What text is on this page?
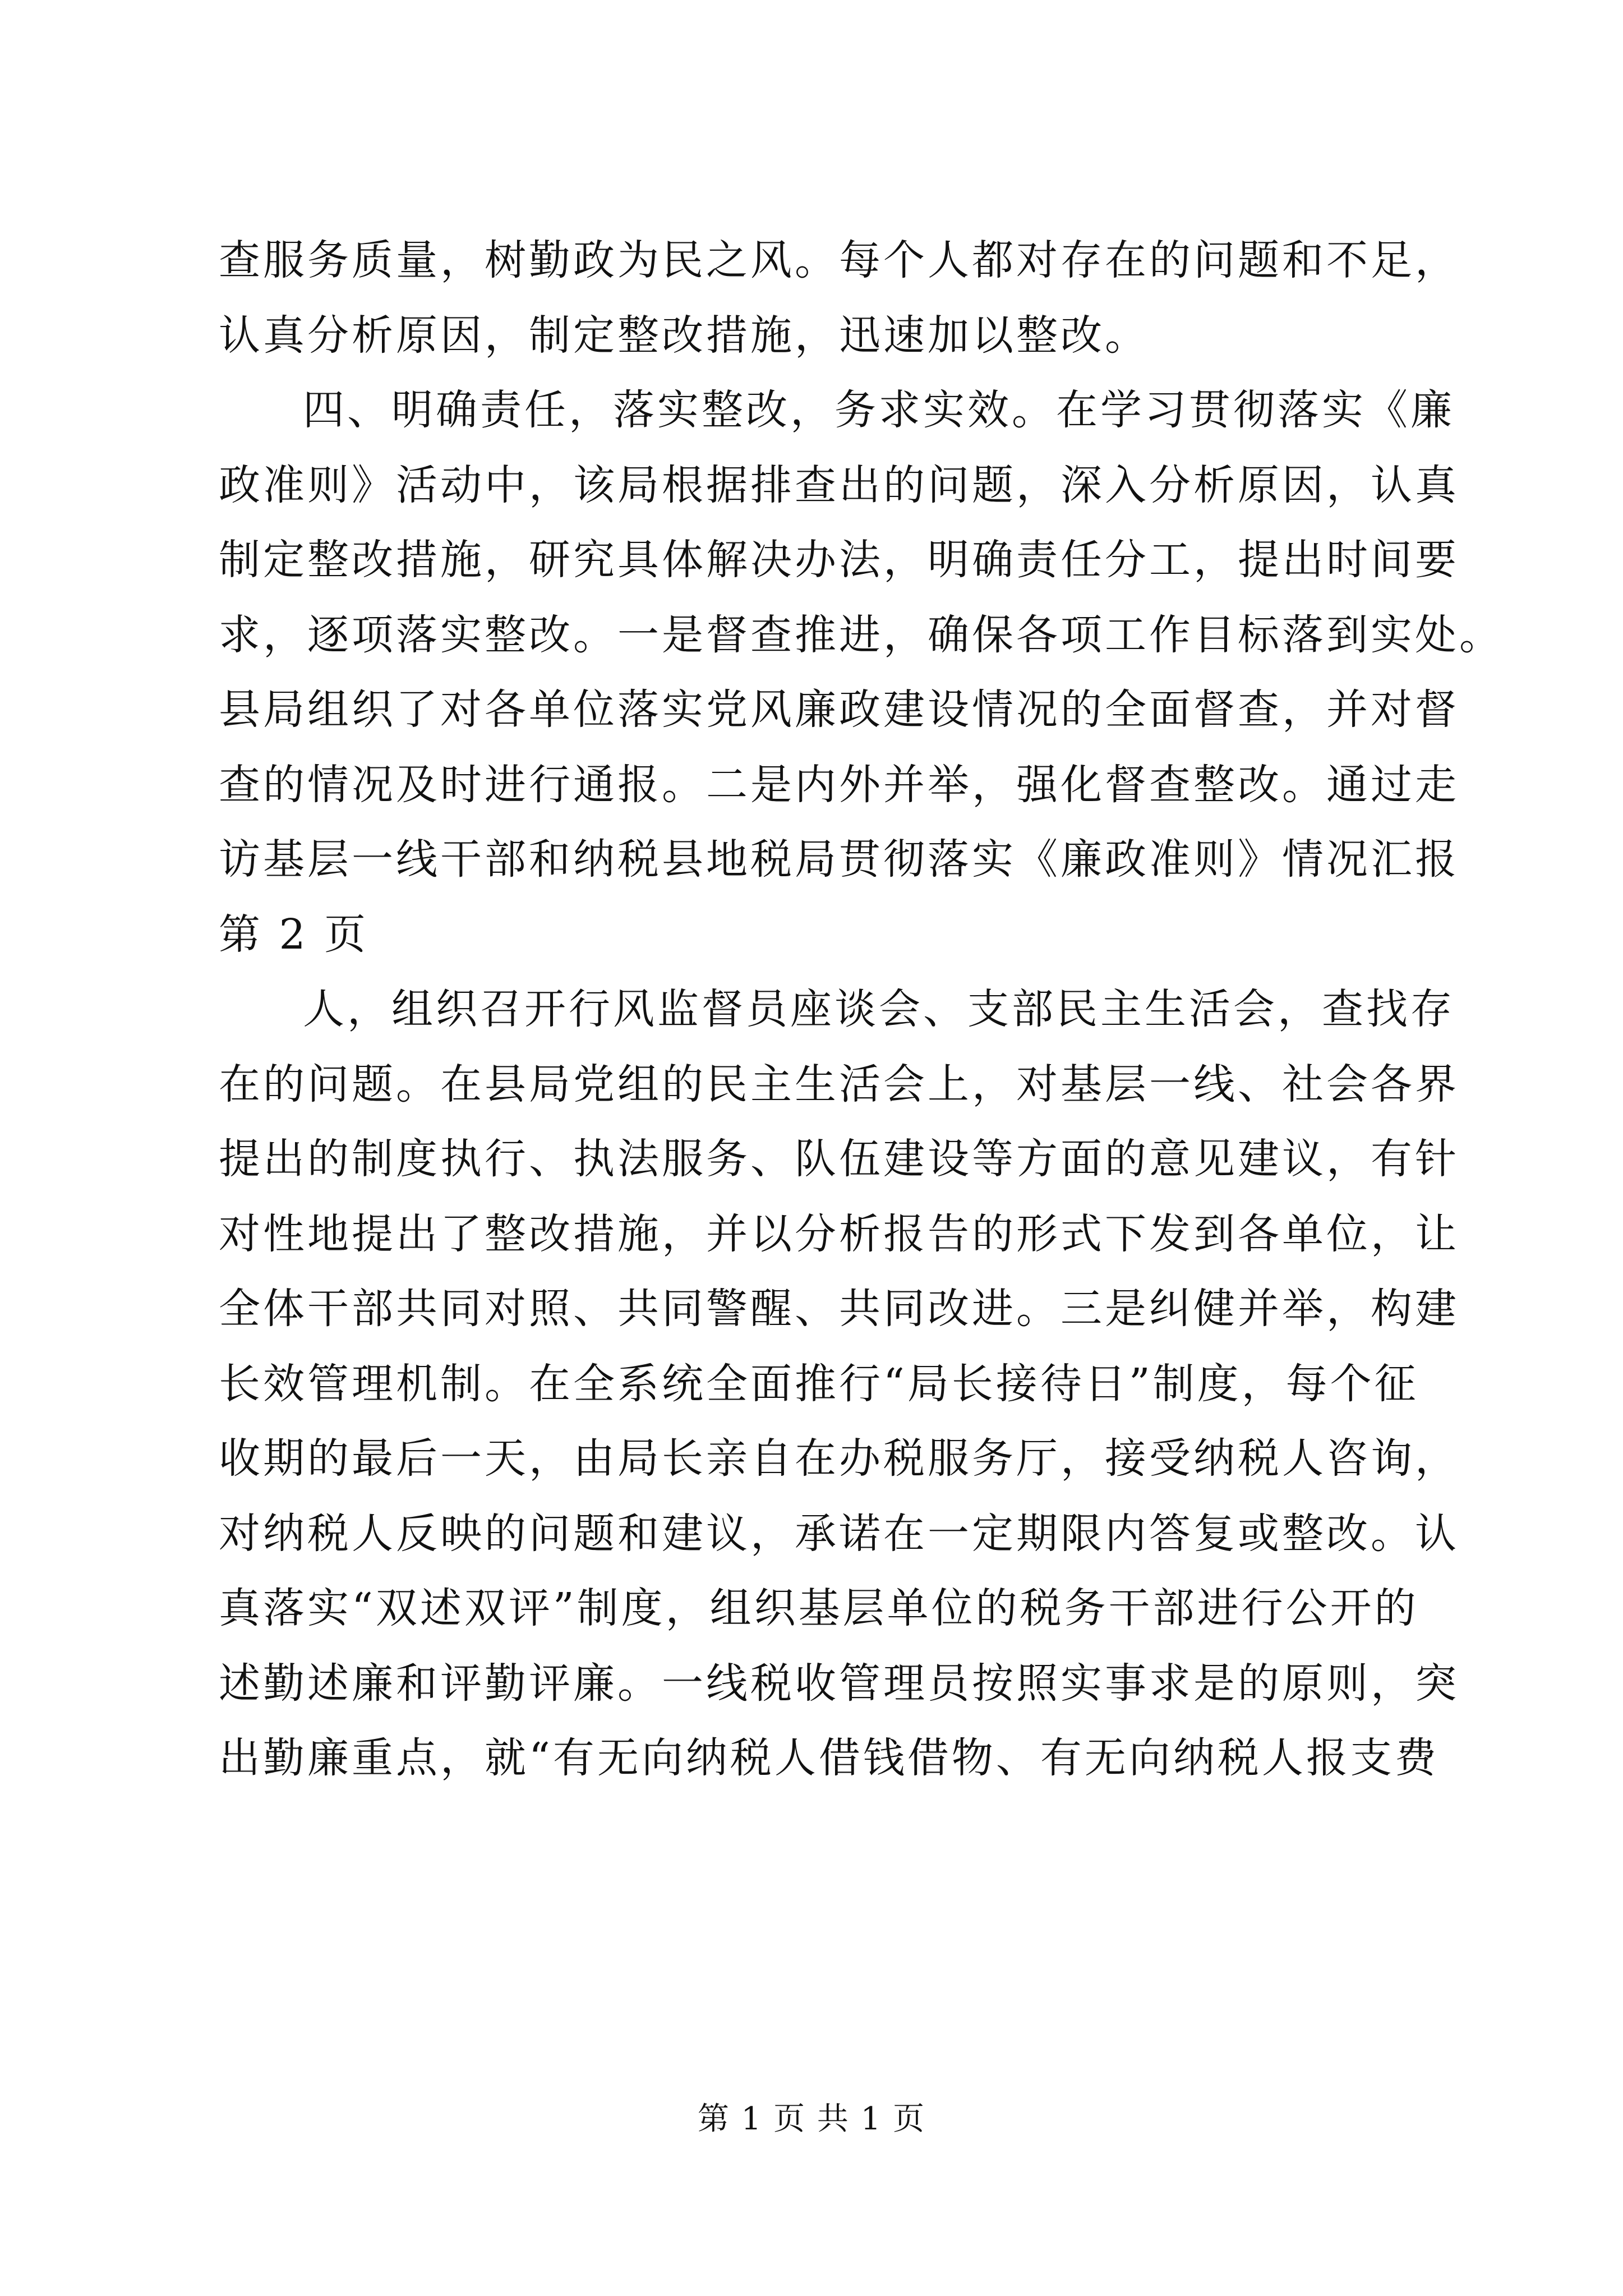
查服务质量，树勤政为民之风。每个人都对存在的问题和不足，
认真分析原因，制定整改措施，迅速加以整改。
四、明确责任，落实整改，务求实效。在学习贯彻落实《廉
政准则》活动中，该局根据排查出的问题，深入分析原因，认真
制定整改措施，研究具体解决办法，明确责任分工，提出时间要
求，逐项落实整改。一是督查推进，确保各项工作目标落到实处。
县局组织了对各单位落实党风廉政建设情况的全面督查，并对督
查的情况及时进行通报。二是内外并举，强化督查整改。通过走
访基层一线干部和纳税县地税局贯彻落实《廉政准则》情况汇报
第 2 页
人，组织召开行风监督员座谈会、支部民主生活会，查找存
在的问题。在县局党组的民主生活会上，对基层一线、社会各界
提出的制度执行、执法服务、队伍建设等方面的意见建议，有针
对性地提出了整改措施，并以分析报告的形式下发到各单位，让
全体干部共同对照、共同警醒、共同改进。三是纠健并举，构建
长效管理机制。在全系统全面推行“局长接待日”制度，每个征
收期的最后一天，由局长亲自在办税服务厅，接受纳税人咨询，
对纳税人反映的问题和建议，承诺在一定期限内答复或整改。认
真落实“双述双评”制度，组织基层单位的税务干部进行公开的
述勤述廉和评勤评廉。一线税收管理员按照实事求是的原则，突
出勤廉重点，就“有无向纳税人借钱借物、有无向纳税人报支费
第 1 页 共 1 页
